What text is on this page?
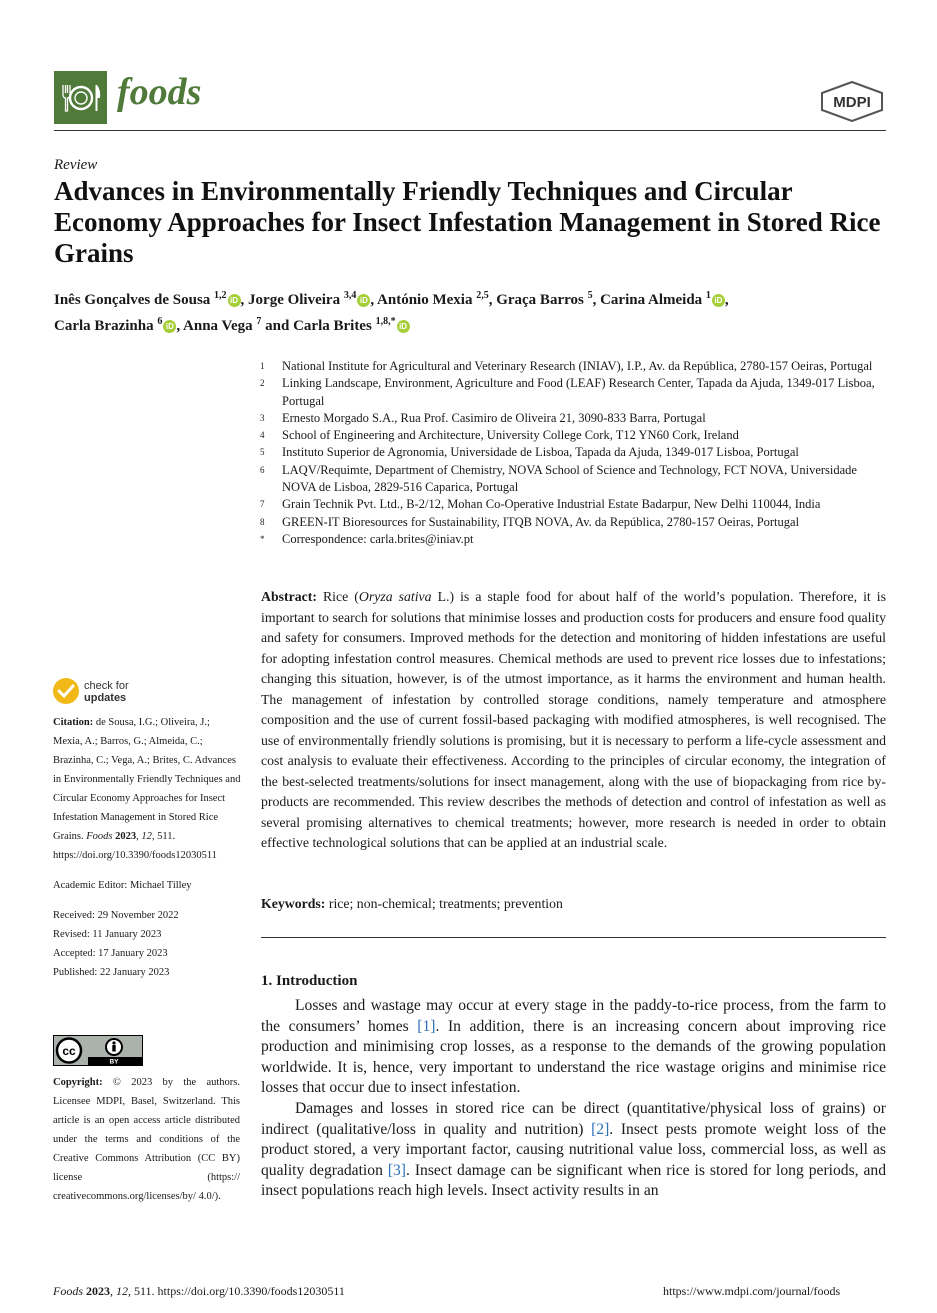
foods	MDPI
Review
Advances in Environmentally Friendly Techniques and Circular Economy Approaches for Insect Infestation Management in Stored Rice Grains
Inês Gonçalves de Sousa $^{1,2}$ iD , Jorge Oliveira $^{3,4}$ iD , António Mexia $^{2,5}$, Graça Barros $^5$, Carina Almeida $^1$ iD ,
Carla Brazinha $^6$ iD , Anna Vega $^7$ and Carla Brites $^{1,8,*}$ iD
1	National Institute for Agricultural and Veterinary Research (INIAV), I.P., Av. da República, 2780-157 Oeiras, Portugal
2	Linking Landscape, Environment, Agriculture and Food (LEAF) Research Center, Tapada da Ajuda, 1349-017 Lisboa, Portugal
3	Ernesto Morgado S.A., Rua Prof. Casimiro de Oliveira 21, 3090-833 Barra, Portugal
4	School of Engineering and Architecture, University College Cork, T12 YN60 Cork, Ireland
5	Instituto Superior de Agronomia, Universidade de Lisboa, Tapada da Ajuda, 1349-017 Lisboa, Portugal
6	LAQV/Requimte, Department of Chemistry, NOVA School of Science and Technology, FCT NOVA, Universidade NOVA de Lisboa, 2829-516 Caparica, Portugal
7	Grain Technik Pvt. Ltd., B-2/12, Mohan Co-Operative Industrial Estate Badarpur, New Delhi 110044, India
8	GREEN-IT Bioresources for Sustainability, ITQB NOVA, Av. da República, 2780-157 Oeiras, Portugal
*	Correspondence: carla.brites@iniav.pt
check for
updates
Citation: de Sousa, I.G.; Oliveira, J.; Mexia, A.; Barros, G.; Almeida, C.; Brazinha, C.; Vega, A.; Brites, C. Advances in Environmentally Friendly Techniques and Circular Economy Approaches for Insect Infestation Management in Stored Rice Grains. Foods 2023, 12, 511. https://doi.org/10.3390/foods12030511
Academic Editor: Michael Tilley
Received: 29 November 2022
Revised: 11 January 2023
Accepted: 17 January 2023
Published: 22 January 2023
cc
BY
Copyright: © 2023 by the authors. Licensee MDPI, Basel, Switzerland. This article is an open access article distributed under the terms and conditions of the Creative Commons Attribution (CC BY) license (https:// creativecommons.org/licenses/by/ 4.0/).
Abstract: Rice (Oryza sativa L.) is a staple food for about half of the world’s population. Therefore, it is important to search for solutions that minimise losses and production costs for producers and ensure food quality and safety for consumers. Improved methods for the detection and monitoring of hidden infestations are useful for adopting infestation control measures. Chemical methods are used to prevent rice losses due to infestations; changing this situation, however, is of the utmost importance, as it harms the environment and human health. The management of infestation by controlled storage conditions, namely temperature and atmosphere composition and the use of current fossil-based packaging with modified atmospheres, is well recognised. The use of environmentally friendly solutions is promising, but it is necessary to perform a life-cycle assessment and cost analysis to evaluate their effectiveness. According to the principles of circular economy, the integration of the best-selected treatments/solutions for insect management, along with the use of biopackaging from rice by-products are recommended. This review describes the methods of detection and control of infestation as well as several promising alternatives to chemical treatments; however, more research is needed in order to obtain effective technological solutions that can be applied at an industrial scale.
Keywords: rice; non-chemical; treatments; prevention
1. Introduction

Losses and wastage may occur at every stage in the paddy-to-rice process, from the farm to the consumers’ homes [1]. In addition, there is an increasing concern about improving rice production and minimising crop losses, as a response to the demands of the growing population worldwide. It is, hence, very important to understand the rice wastage origins and minimise rice losses that occur due to insect infestation.

Damages and losses in stored rice can be direct (quantitative/physical loss of grains) or indirect (qualitative/loss in quality and nutrition) [2]. Insect pests promote weight loss of the product stored, a very important factor, causing nutritional value loss, commercial loss, as well as quality degradation [3]. Insect damage can be significant when rice is stored for long periods, and insect populations reach high levels. Insect activity results in an

Foods 2023, 12, 511. https://doi.org/10.3390/foods12030511	https://www.mdpi.com/journal/foods
